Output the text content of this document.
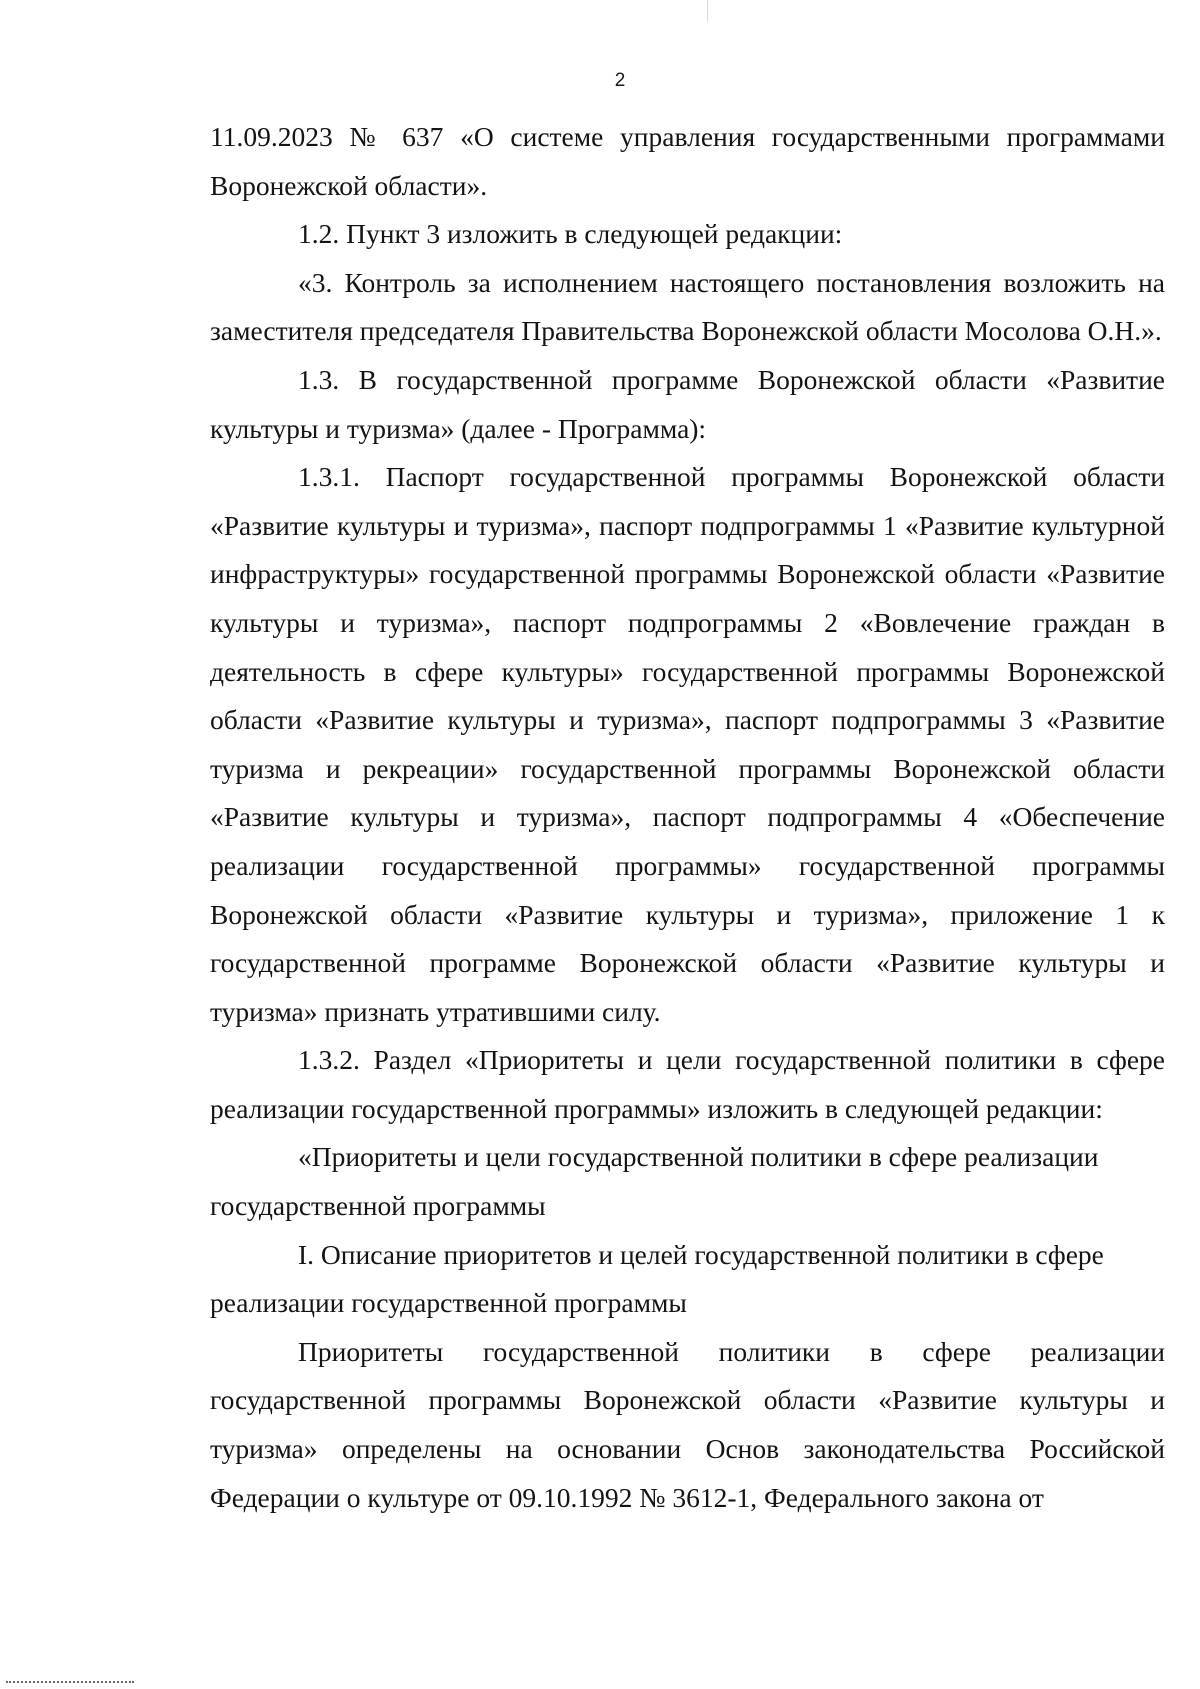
2

11.09.2023 № 637 «О системе управления государственными программами Воронежской области».

1.2. Пункт 3 изложить в следующей редакции:

«3. Контроль за исполнением настоящего постановления возложить на заместителя председателя Правительства Воронежской области Мосолова О.Н.».

1.3. В государственной программе Воронежской области «Развитие культуры и туризма» (далее - Программа):

1.3.1. Паспорт государственной программы Воронежской области «Развитие культуры и туризма», паспорт подпрограммы 1 «Развитие культурной инфраструктуры» государственной программы Воронежской области «Развитие культуры и туризма», паспорт подпрограммы 2 «Вовлечение граждан в деятельность в сфере культуры» государственной программы Воронежской области «Развитие культуры и туризма», паспорт подпрограммы 3 «Развитие туризма и рекреации» государственной программы Воронежской области «Развитие культуры и туризма», паспорт подпрограммы 4 «Обеспечение реализации государственной программы» государственной программы Воронежской области «Развитие культуры и туризма», приложение 1 к государственной программе Воронежской области «Развитие культуры и туризма» признать утратившими силу.

1.3.2. Раздел «Приоритеты и цели государственной политики в сфере реализации государственной программы» изложить в следующей редакции:

«Приоритеты и цели государственной политики в сфере реализации государственной программы

I. Описание приоритетов и целей государственной политики в сфере реализации государственной программы

Приоритеты государственной политики в сфере реализации государственной программы Воронежской области «Развитие культуры и туризма» определены на основании Основ законодательства Российской Федерации о культуре от 09.10.1992 № 3612-1, Федерального закона от
